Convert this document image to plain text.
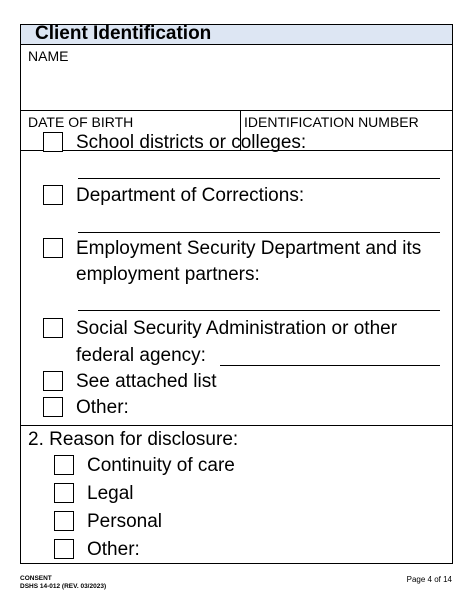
Client Identification
NAME
DATE OF BIRTH	IDENTIFICATION NUMBER
School districts or colleges:
Department of Corrections:
Employment Security Department and its
employment partners:
Social Security Administration or other
federal agency:
See attached list
Other:
2. Reason for disclosure:
Continuity of care
Legal
Personal
Other:
CONSENT
DSHS 14-012 (REV. 03/2023)
Page 4 of 14
